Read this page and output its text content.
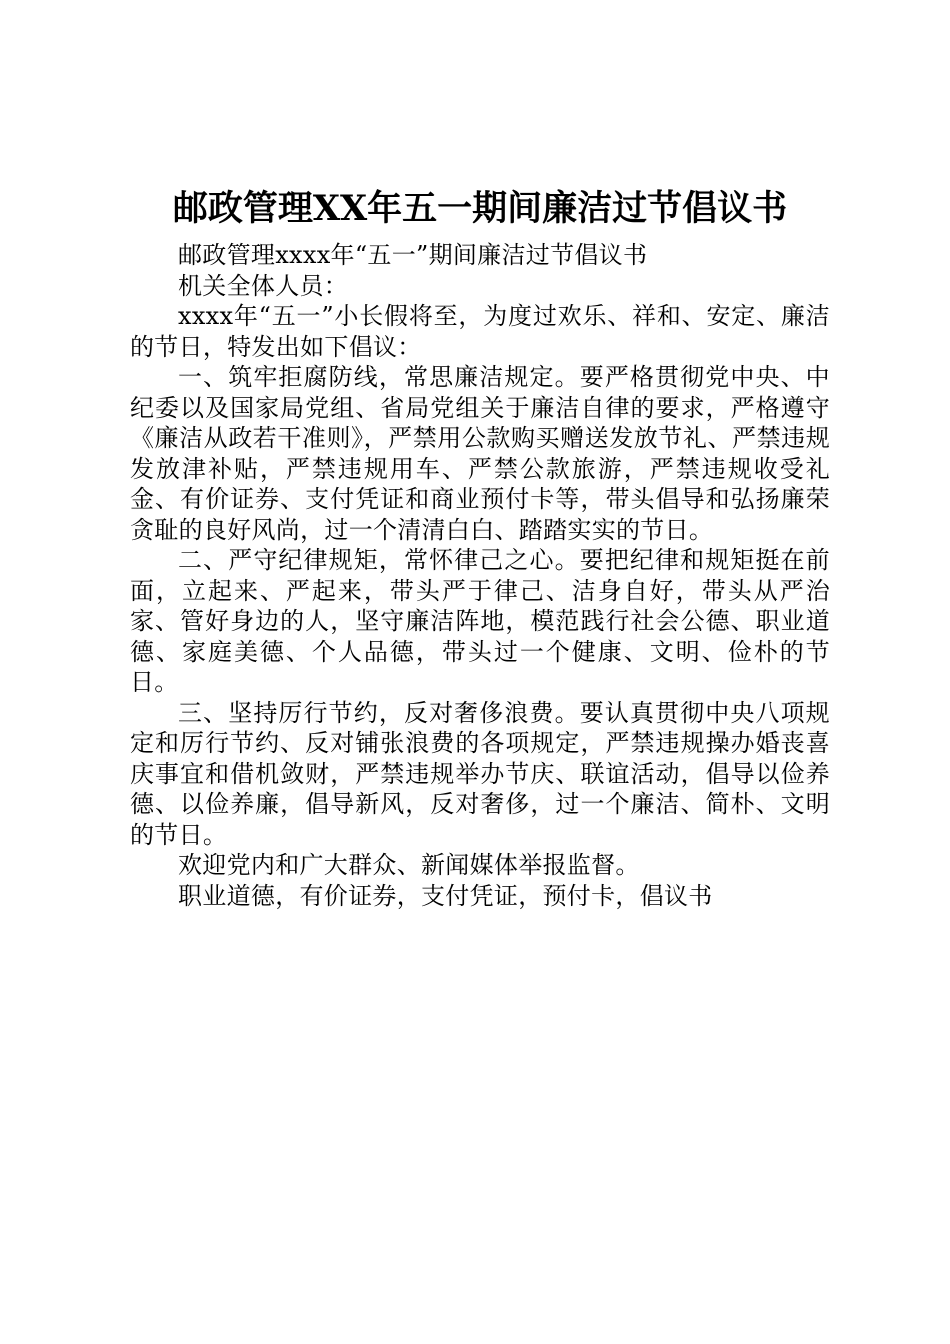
邮政管理XX年五一期间廉洁过节倡议书

邮政管理xxxx年“五一”期间廉洁过节倡议书

机关全体人员：

xxxx年“五一”小长假将至，为度过欢乐、祥和、安定、廉洁的节日，特发出如下倡议：

一、筑牢拒腐防线，常思廉洁规定。要严格贯彻党中央、中纪委以及国家局党组、省局党组关于廉洁自律的要求，严格遵守《廉洁从政若干准则》，严禁用公款购买赠送发放节礼、严禁违规发放津补贴，严禁违规用车、严禁公款旅游，严禁违规收受礼金、有价证券、支付凭证和商业预付卡等，带头倡导和弘扬廉荣贪耻的良好风尚，过一个清清白白、踏踏实实的节日。

二、严守纪律规矩，常怀律己之心。要把纪律和规矩挺在前面，立起来、严起来，带头严于律己、洁身自好，带头从严治家、管好身边的人，坚守廉洁阵地，模范践行社会公德、职业道德、家庭美德、个人品德，带头过一个健康、文明、俭朴的节日。

三、坚持厉行节约，反对奢侈浪费。要认真贯彻中央八项规定和厉行节约、反对铺张浪费的各项规定，严禁违规操办婚丧喜庆事宜和借机敛财，严禁违规举办节庆、联谊活动，倡导以俭养德、以俭养廉，倡导新风，反对奢侈，过一个廉洁、简朴、文明的节日。

欢迎党内和广大群众、新闻媒体举报监督。

职业道德，有价证券，支付凭证，预付卡，倡议书
